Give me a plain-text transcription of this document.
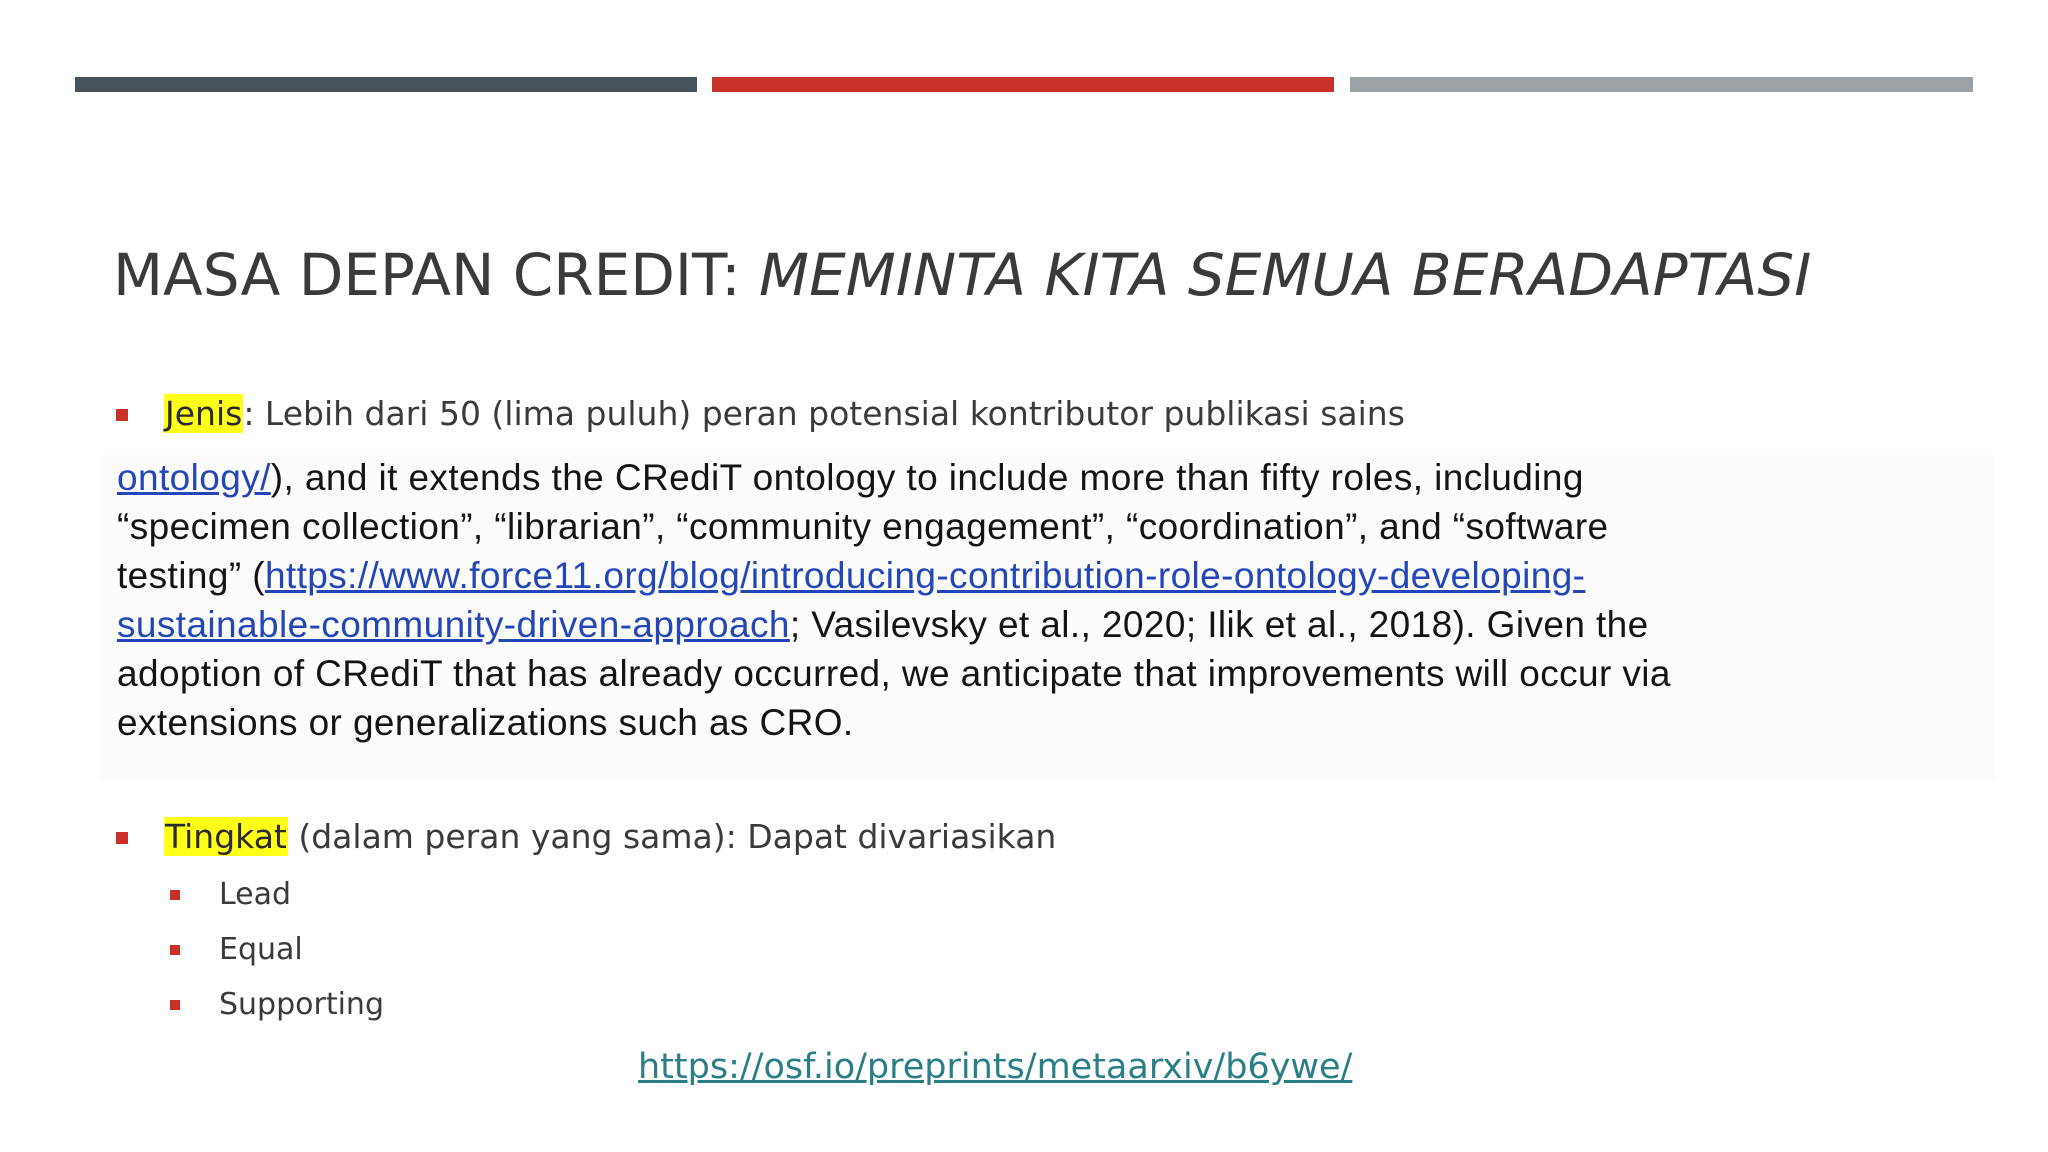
MASA DEPAN CREDIT: MEMINTA KITA SEMUA BERADAPTASI
Jenis: Lebih dari 50 (lima puluh) peran potensial kontributor publikasi sains
ontology/), and it extends the CRediT ontology to include more than fifty roles, including
“specimen collection”, “librarian”, “community engagement”, “coordination”, and “software
testing” (https://www.force11.org/blog/introducing-contribution-role-ontology-developing-
sustainable-community-driven-approach; Vasilevsky et al., 2020; Ilik et al., 2018). Given the
adoption of CRediT that has already occurred, we anticipate that improvements will occur via
extensions or generalizations such as CRO.
Tingkat (dalam peran yang sama): Dapat divariasikan
Lead
Equal
Supporting
https://osf.io/preprints/metaarxiv/b6ywe/
